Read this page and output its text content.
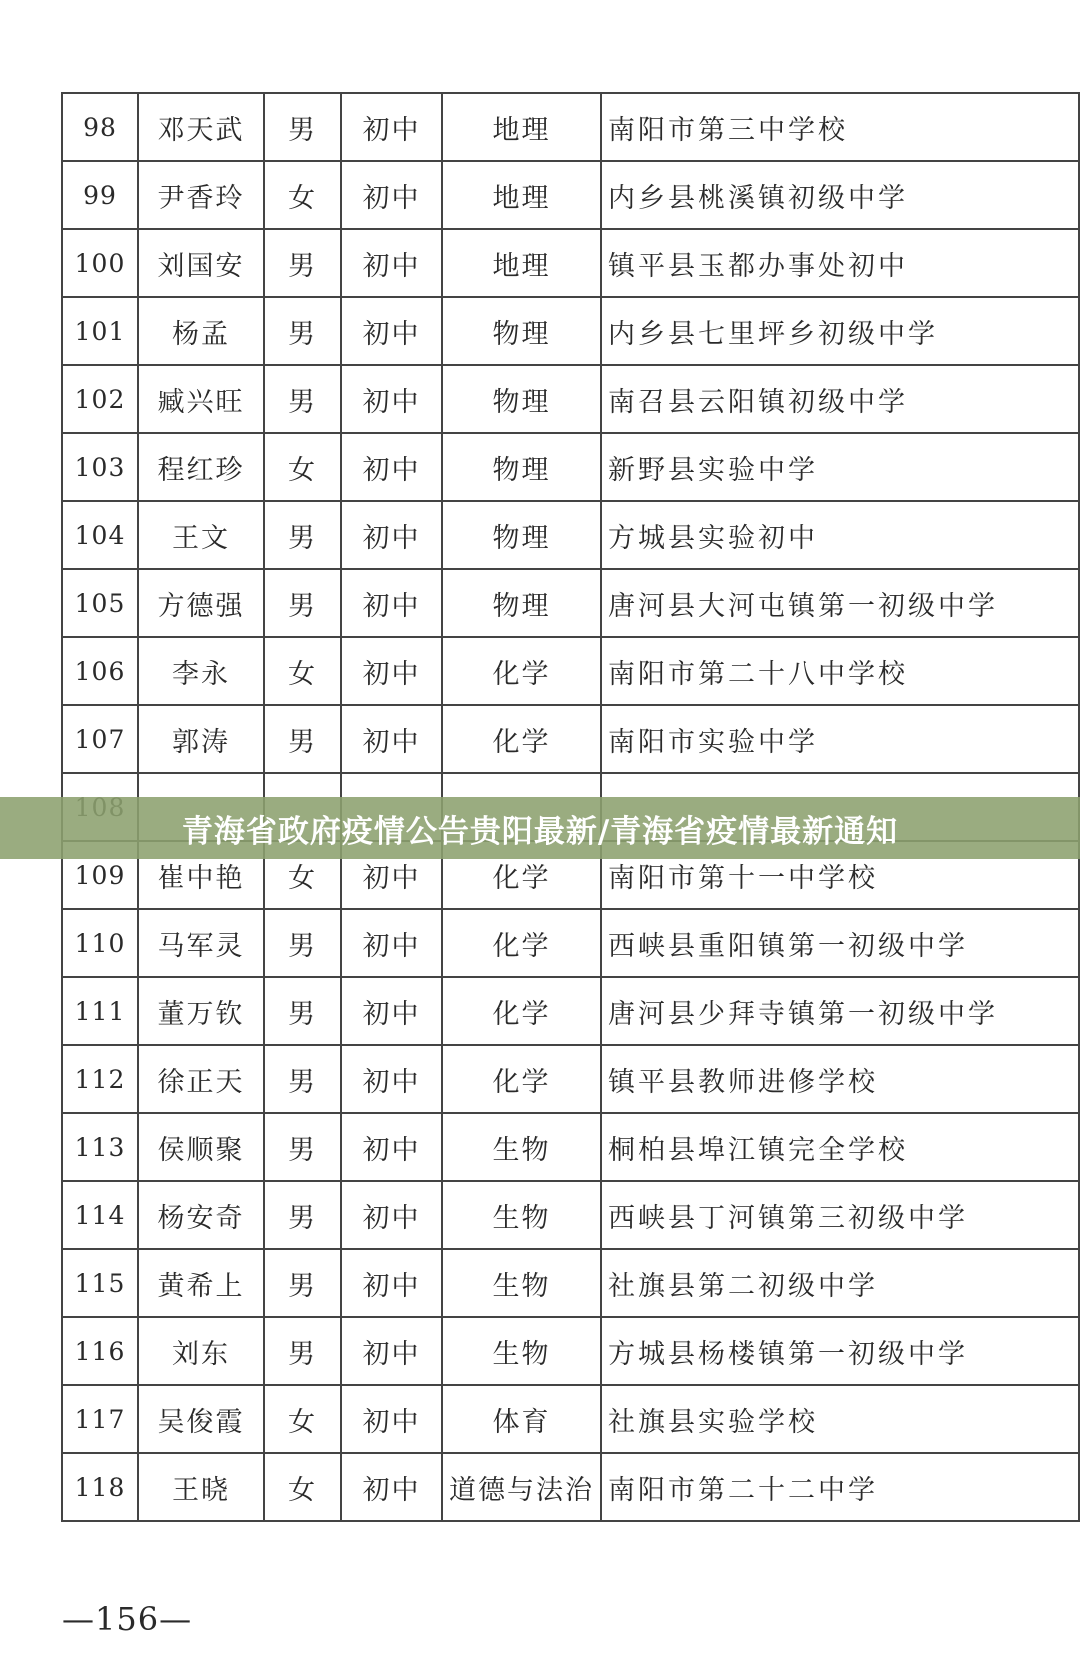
98	邓天武	男	初中	地理	南阳市第三中学校
99	尹香玲	女	初中	地理	内乡县桃溪镇初级中学
100	刘国安	男	初中	地理	镇平县玉都办事处初中
101	杨孟	男	初中	物理	内乡县七里坪乡初级中学
102	臧兴旺	男	初中	物理	南召县云阳镇初级中学
103	程红珍	女	初中	物理	新野县实验中学
104	王文	男	初中	物理	方城县实验初中
105	方德强	男	初中	物理	唐河县大河屯镇第一初级中学
106	李永	女	初中	化学	南阳市第二十八中学校
107	郭涛	男	初中	化学	南阳市实验中学

109	崔中艳	女	初中	化学	南阳市第十一中学校
110	马军灵	男	初中	化学	西峡县重阳镇第一初级中学
111	董万钦	男	初中	化学	唐河县少拜寺镇第一初级中学
112	徐正天	男	初中	化学	镇平县教师进修学校
113	侯顺聚	男	初中	生物	桐柏县埠江镇完全学校
114	杨安奇	男	初中	生物	西峡县丁河镇第三初级中学
115	黄希上	男	初中	生物	社旗县第二初级中学
116	刘东	男	初中	生物	方城县杨楼镇第一初级中学
117	吴俊霞	女	初中	体育	社旗县实验学校
118	王晓	女	初中	道德与法治	南阳市第二十二中学
青海省政府疫情公告贵阳最新/青海省疫情最新通知
—156—
